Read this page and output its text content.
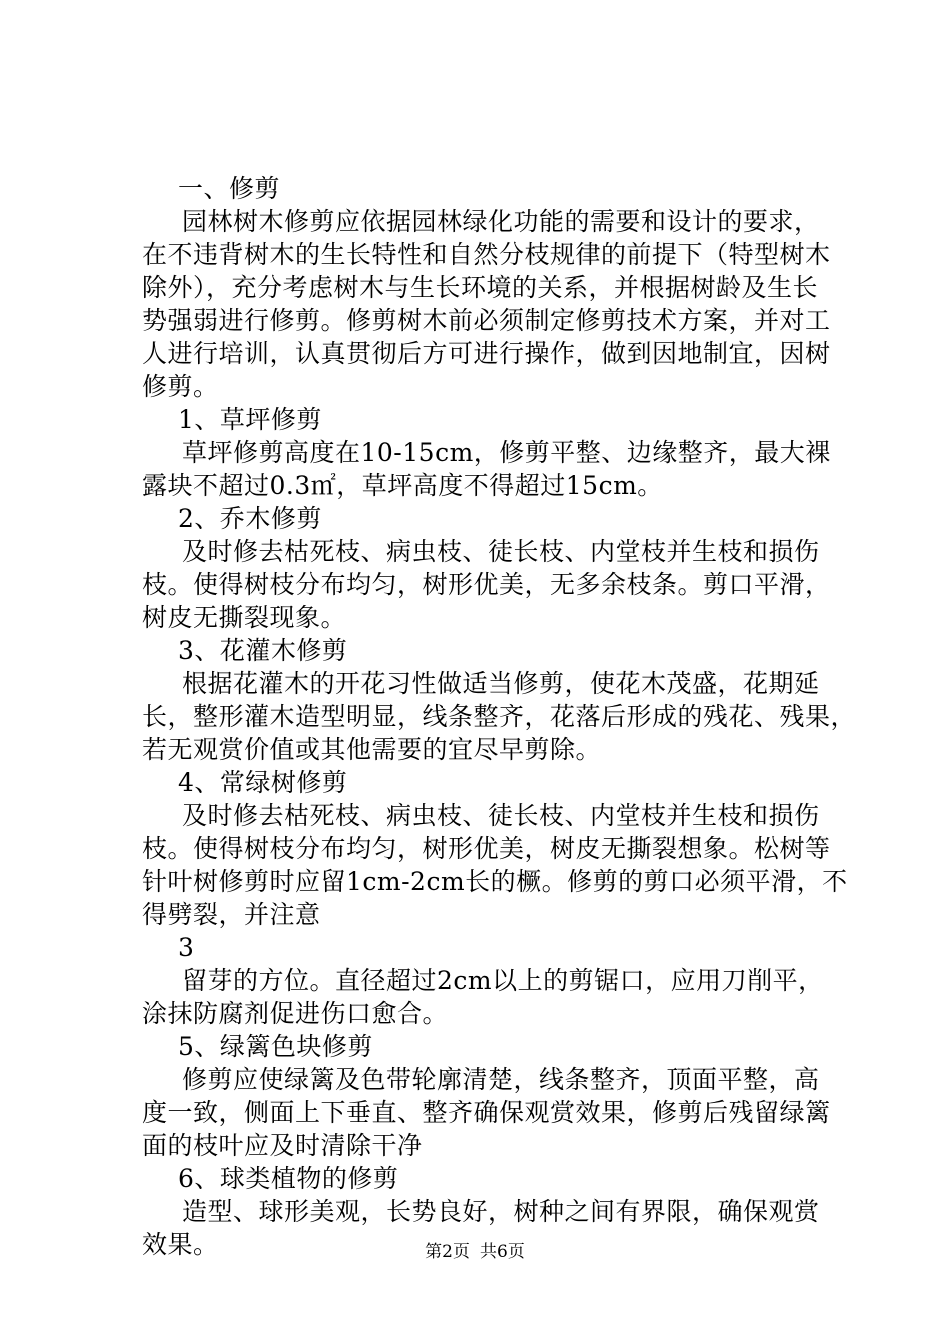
一、修剪
园林树木修剪应依据园林绿化功能的需要和设计的要求，
在不违背树木的生长特性和自然分枝规律的前提下（特型树木
除外），充分考虑树木与生长环境的关系，并根据树龄及生长
势强弱进行修剪。修剪树木前必须制定修剪技术方案，并对工
人进行培训，认真贯彻后方可进行操作，做到因地制宜，因树
修剪。
1、草坪修剪
草坪修剪高度在10-15cm，修剪平整、边缘整齐，最大裸
露块不超过0.3㎡，草坪高度不得超过15cm。
2、乔木修剪
及时修去枯死枝、病虫枝、徒长枝、内堂枝并生枝和损伤
枝。使得树枝分布均匀，树形优美，无多余枝条。剪口平滑，
树皮无撕裂现象。
3、花灌木修剪
根据花灌木的开花习性做适当修剪，使花木茂盛，花期延
长，整形灌木造型明显，线条整齐，花落后形成的残花、残果，
若无观赏价值或其他需要的宜尽早剪除。
4、常绿树修剪
及时修去枯死枝、病虫枝、徒长枝、内堂枝并生枝和损伤
枝。使得树枝分布均匀，树形优美，树皮无撕裂想象。松树等
针叶树修剪时应留1cm-2cm长的橛。修剪的剪口必须平滑，不
得劈裂，并注意
3
留芽的方位。直径超过2cm以上的剪锯口，应用刀削平，
涂抹防腐剂促进伤口愈合。
5、绿篱色块修剪
修剪应使绿篱及色带轮廓清楚，线条整齐，顶面平整，高
度一致，侧面上下垂直、整齐确保观赏效果，修剪后残留绿篱
面的枝叶应及时清除干净
6、球类植物的修剪
造型、球形美观，长势良好，树种之间有界限，确保观赏
效果。	第2页 共6页
